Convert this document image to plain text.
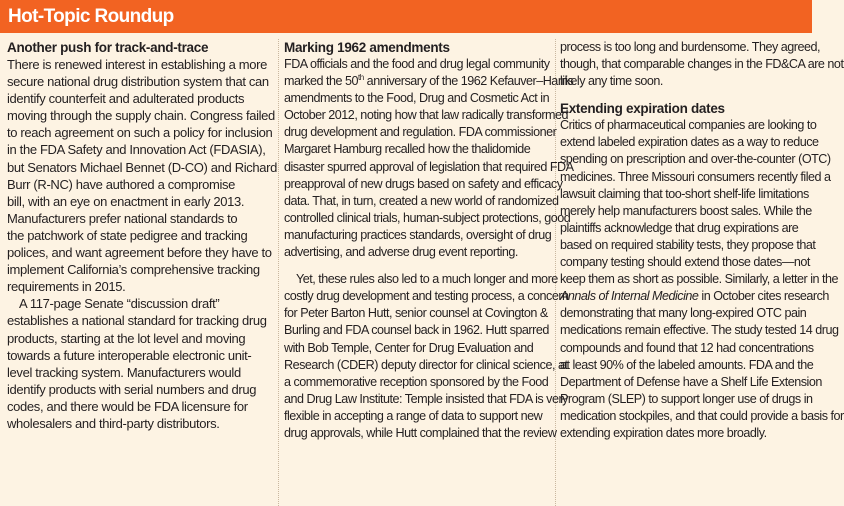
Hot-Topic Roundup
Another push for track-and-trace
There is renewed interest in establishing a more
secure national drug distribution system that can
identify counterfeit and adulterated products
moving through the supply chain. Congress failed
to reach agreement on such a policy for inclusion
in the FDA Safety and Innovation Act (FDASIA),
but Senators Michael Bennet (D-CO) and Richard
Burr (R-NC) have authored a compromise
bill, with an eye on enactment in early 2013.
Manufacturers prefer national standards to
the patchwork of state pedigree and tracking
polices, and want agreement before they have to
implement California’s comprehensive tracking
requirements in 2015.
A 117-page Senate “discussion draft”
establishes a national standard for tracking drug
products, starting at the lot level and moving
towards a future interoperable electronic unit-
level tracking system. Manufacturers would
identify products with serial numbers and drug
codes, and there would be FDA licensure for
wholesalers and third-party distributors.
Marking 1962 amendments
FDA officials and the food and drug legal community
marked the 50th anniversary of the 1962 Kefauver–Harris
amendments to the Food, Drug and Cosmetic Act in
October 2012, noting how that law radically transformed
drug development and regulation. FDA commissioner
Margaret Hamburg recalled how the thalidomide
disaster spurred approval of legislation that required FDA
preapproval of new drugs based on safety and efficacy
data. That, in turn, created a new world of randomized
controlled clinical trials, human-subject protections, good
manufacturing practices standards, oversight of drug
advertising, and adverse drug event reporting.
Yet, these rules also led to a much longer and more
costly drug development and testing process, a concern
for Peter Barton Hutt, senior counsel at Covington &
Burling and FDA counsel back in 1962. Hutt sparred
with Bob Temple, Center for Drug Evaluation and
Research (CDER) deputy director for clinical science, at
a commemorative reception sponsored by the Food
and Drug Law Institute: Temple insisted that FDA is very
flexible in accepting a range of data to support new
drug approvals, while Hutt complained that the review
process is too long and burdensome. They agreed,
though, that comparable changes in the FD&CA are not
likely any time soon.
Extending expiration dates
Critics of pharmaceutical companies are looking to
extend labeled expiration dates as a way to reduce
spending on prescription and over-the-counter (OTC)
medicines. Three Missouri consumers recently filed a
lawsuit claiming that too-short shelf-life limitations
merely help manufacturers boost sales. While the
plaintiffs acknowledge that drug expirations are
based on required stability tests, they propose that
company testing should extend those dates—not
keep them as short as possible. Similarly, a letter in the
Annals of Internal Medicine in October cites research
demonstrating that many long-expired OTC pain
medications remain effective. The study tested 14 drug
compounds and found that 12 had concentrations
at least 90% of the labeled amounts. FDA and the
Department of Defense have a Shelf Life Extension
Program (SLEP) to support longer use of drugs in
medication stockpiles, and that could provide a basis for
extending expiration dates more broadly.
